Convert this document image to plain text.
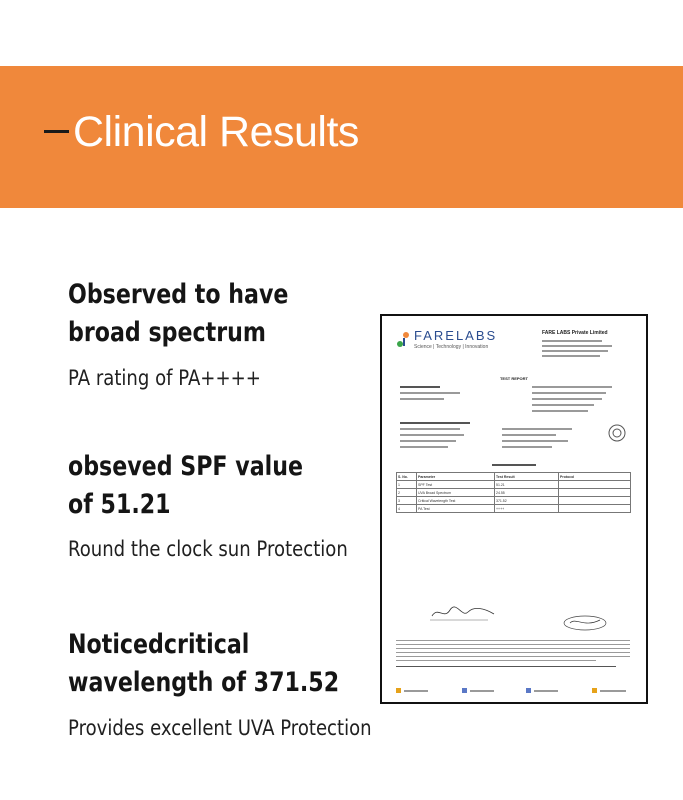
Clinical Results
Observed to have
broad spectrum
PA rating of PA++++
obseved SPF value
of 51.21
Round the clock sun Protection
Noticedcritical
wavelength of 371.52
Provides excellent UVA Protection
FARELABS
Science | Technology | Innovation
FARE LABS Private Limited
TEST REPORT
S. No.	Parameter	Test Result	Protocol
1	SPF Test	51.21	
2	UVA Broad Spectrum	24.55	
3	Critical Wavelength Test	371.52	
4	PA Test	++++	
